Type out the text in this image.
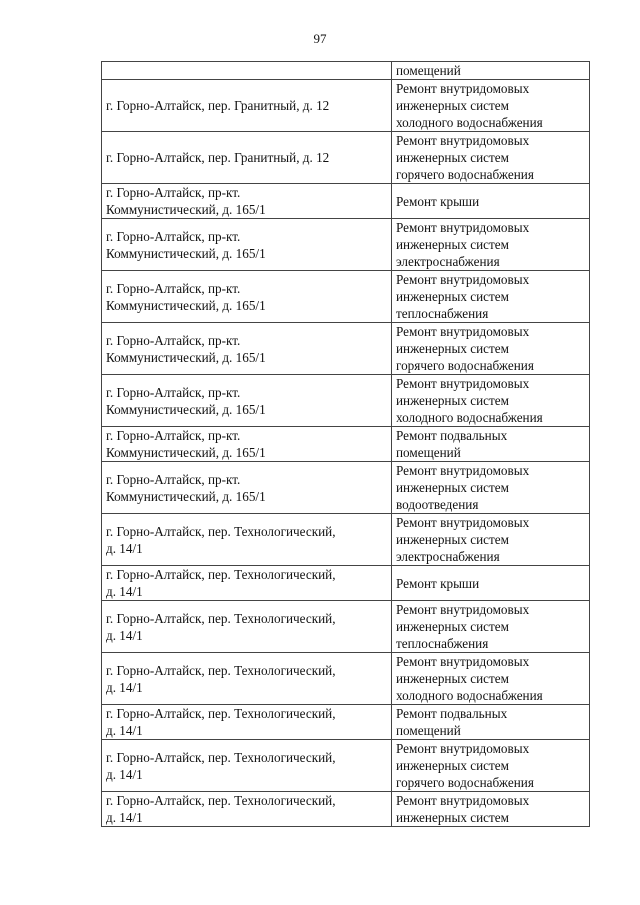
97
	помещений
г. Горно-Алтайск, пер. Гранитный, д. 12	Ремонт внутридомовых
инженерных систем
холодного водоснабжения
г. Горно-Алтайск, пер. Гранитный, д. 12	Ремонт внутридомовых
инженерных систем
горячего водоснабжения
г. Горно-Алтайск, пр-кт.
Коммунистический, д. 165/1	Ремонт крыши
г. Горно-Алтайск, пр-кт.
Коммунистический, д. 165/1	Ремонт внутридомовых
инженерных систем
электроснабжения
г. Горно-Алтайск, пр-кт.
Коммунистический, д. 165/1	Ремонт внутридомовых
инженерных систем
теплоснабжения
г. Горно-Алтайск, пр-кт.
Коммунистический, д. 165/1	Ремонт внутридомовых
инженерных систем
горячего водоснабжения
г. Горно-Алтайск, пр-кт.
Коммунистический, д. 165/1	Ремонт внутридомовых
инженерных систем
холодного водоснабжения
г. Горно-Алтайск, пр-кт.
Коммунистический, д. 165/1	Ремонт подвальных
помещений
г. Горно-Алтайск, пр-кт.
Коммунистический, д. 165/1	Ремонт внутридомовых
инженерных систем
водоотведения
г. Горно-Алтайск, пер. Технологический,
д. 14/1	Ремонт внутридомовых
инженерных систем
электроснабжения
г. Горно-Алтайск, пер. Технологический,
д. 14/1	Ремонт крыши
г. Горно-Алтайск, пер. Технологический,
д. 14/1	Ремонт внутридомовых
инженерных систем
теплоснабжения
г. Горно-Алтайск, пер. Технологический,
д. 14/1	Ремонт внутридомовых
инженерных систем
холодного водоснабжения
г. Горно-Алтайск, пер. Технологический,
д. 14/1	Ремонт подвальных
помещений
г. Горно-Алтайск, пер. Технологический,
д. 14/1	Ремонт внутридомовых
инженерных систем
горячего водоснабжения
г. Горно-Алтайск, пер. Технологический,
д. 14/1	Ремонт внутридомовых
инженерных систем
